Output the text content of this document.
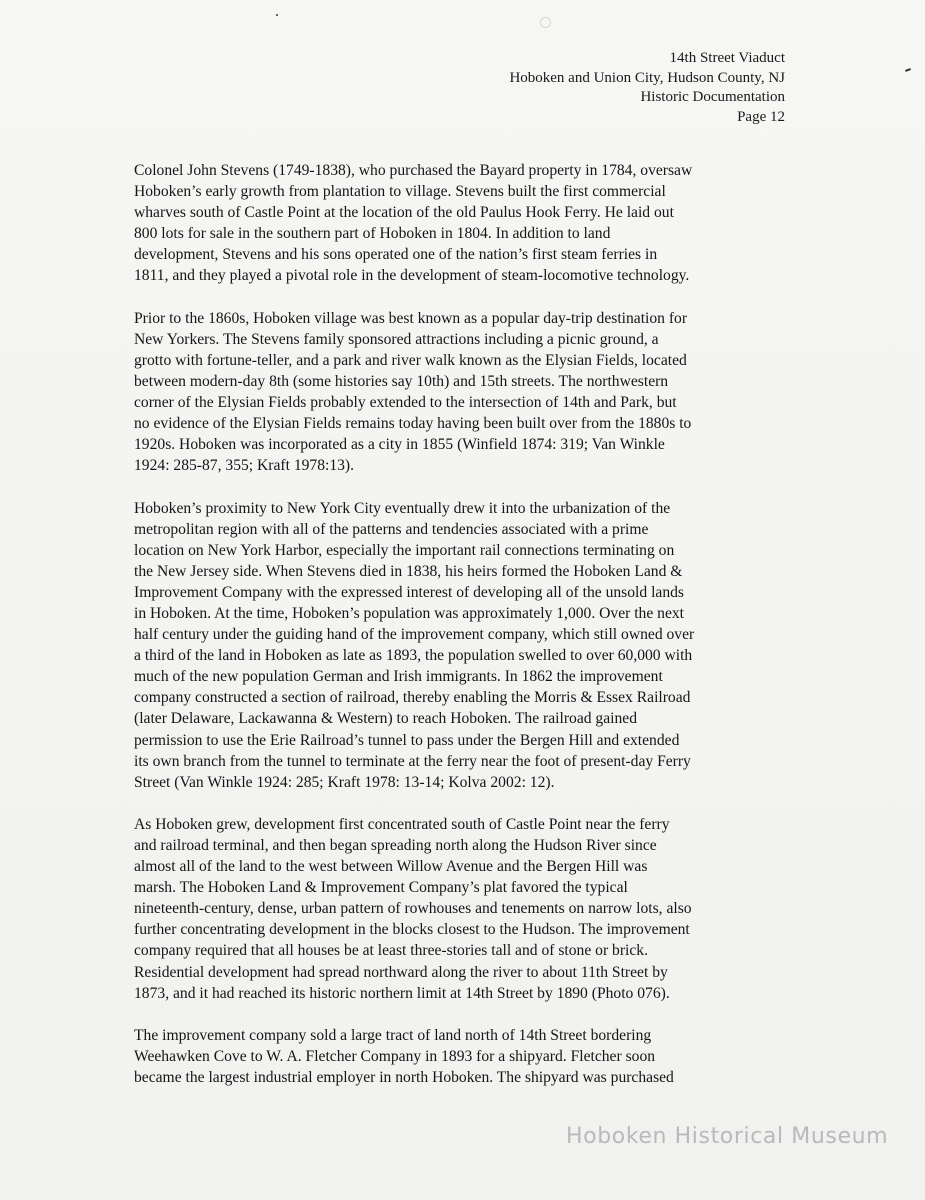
14th Street Viaduct
Hoboken and Union City, Hudson County, NJ
Historic Documentation
Page 12

Colonel John Stevens (1749-1838), who purchased the Bayard property in 1784, oversaw
Hoboken’s early growth from plantation to village. Stevens built the first commercial
wharves south of Castle Point at the location of the old Paulus Hook Ferry. He laid out
800 lots for sale in the southern part of Hoboken in 1804. In addition to land
development, Stevens and his sons operated one of the nation’s first steam ferries in
1811, and they played a pivotal role in the development of steam-locomotive technology.

Prior to the 1860s, Hoboken village was best known as a popular day-trip destination for
New Yorkers. The Stevens family sponsored attractions including a picnic ground, a
grotto with fortune-teller, and a park and river walk known as the Elysian Fields, located
between modern-day 8th (some histories say 10th) and 15th streets. The northwestern
corner of the Elysian Fields probably extended to the intersection of 14th and Park, but
no evidence of the Elysian Fields remains today having been built over from the 1880s to
1920s. Hoboken was incorporated as a city in 1855 (Winfield 1874: 319; Van Winkle
1924: 285-87, 355; Kraft 1978:13).

Hoboken’s proximity to New York City eventually drew it into the urbanization of the
metropolitan region with all of the patterns and tendencies associated with a prime
location on New York Harbor, especially the important rail connections terminating on
the New Jersey side. When Stevens died in 1838, his heirs formed the Hoboken Land &
Improvement Company with the expressed interest of developing all of the unsold lands
in Hoboken. At the time, Hoboken’s population was approximately 1,000. Over the next
half century under the guiding hand of the improvement company, which still owned over
a third of the land in Hoboken as late as 1893, the population swelled to over 60,000 with
much of the new population German and Irish immigrants. In 1862 the improvement
company constructed a section of railroad, thereby enabling the Morris & Essex Railroad
(later Delaware, Lackawanna & Western) to reach Hoboken. The railroad gained
permission to use the Erie Railroad’s tunnel to pass under the Bergen Hill and extended
its own branch from the tunnel to terminate at the ferry near the foot of present-day Ferry
Street (Van Winkle 1924: 285; Kraft 1978: 13-14; Kolva 2002: 12).

As Hoboken grew, development first concentrated south of Castle Point near the ferry
and railroad terminal, and then began spreading north along the Hudson River since
almost all of the land to the west between Willow Avenue and the Bergen Hill was
marsh. The Hoboken Land & Improvement Company’s plat favored the typical
nineteenth-century, dense, urban pattern of rowhouses and tenements on narrow lots, also
further concentrating development in the blocks closest to the Hudson. The improvement
company required that all houses be at least three-stories tall and of stone or brick.
Residential development had spread northward along the river to about 11th Street by
1873, and it had reached its historic northern limit at 14th Street by 1890 (Photo 076).

The improvement company sold a large tract of land north of 14th Street bordering
Weehawken Cove to W. A. Fletcher Company in 1893 for a shipyard. Fletcher soon
became the largest industrial employer in north Hoboken. The shipyard was purchased

Hoboken Historical Museum
